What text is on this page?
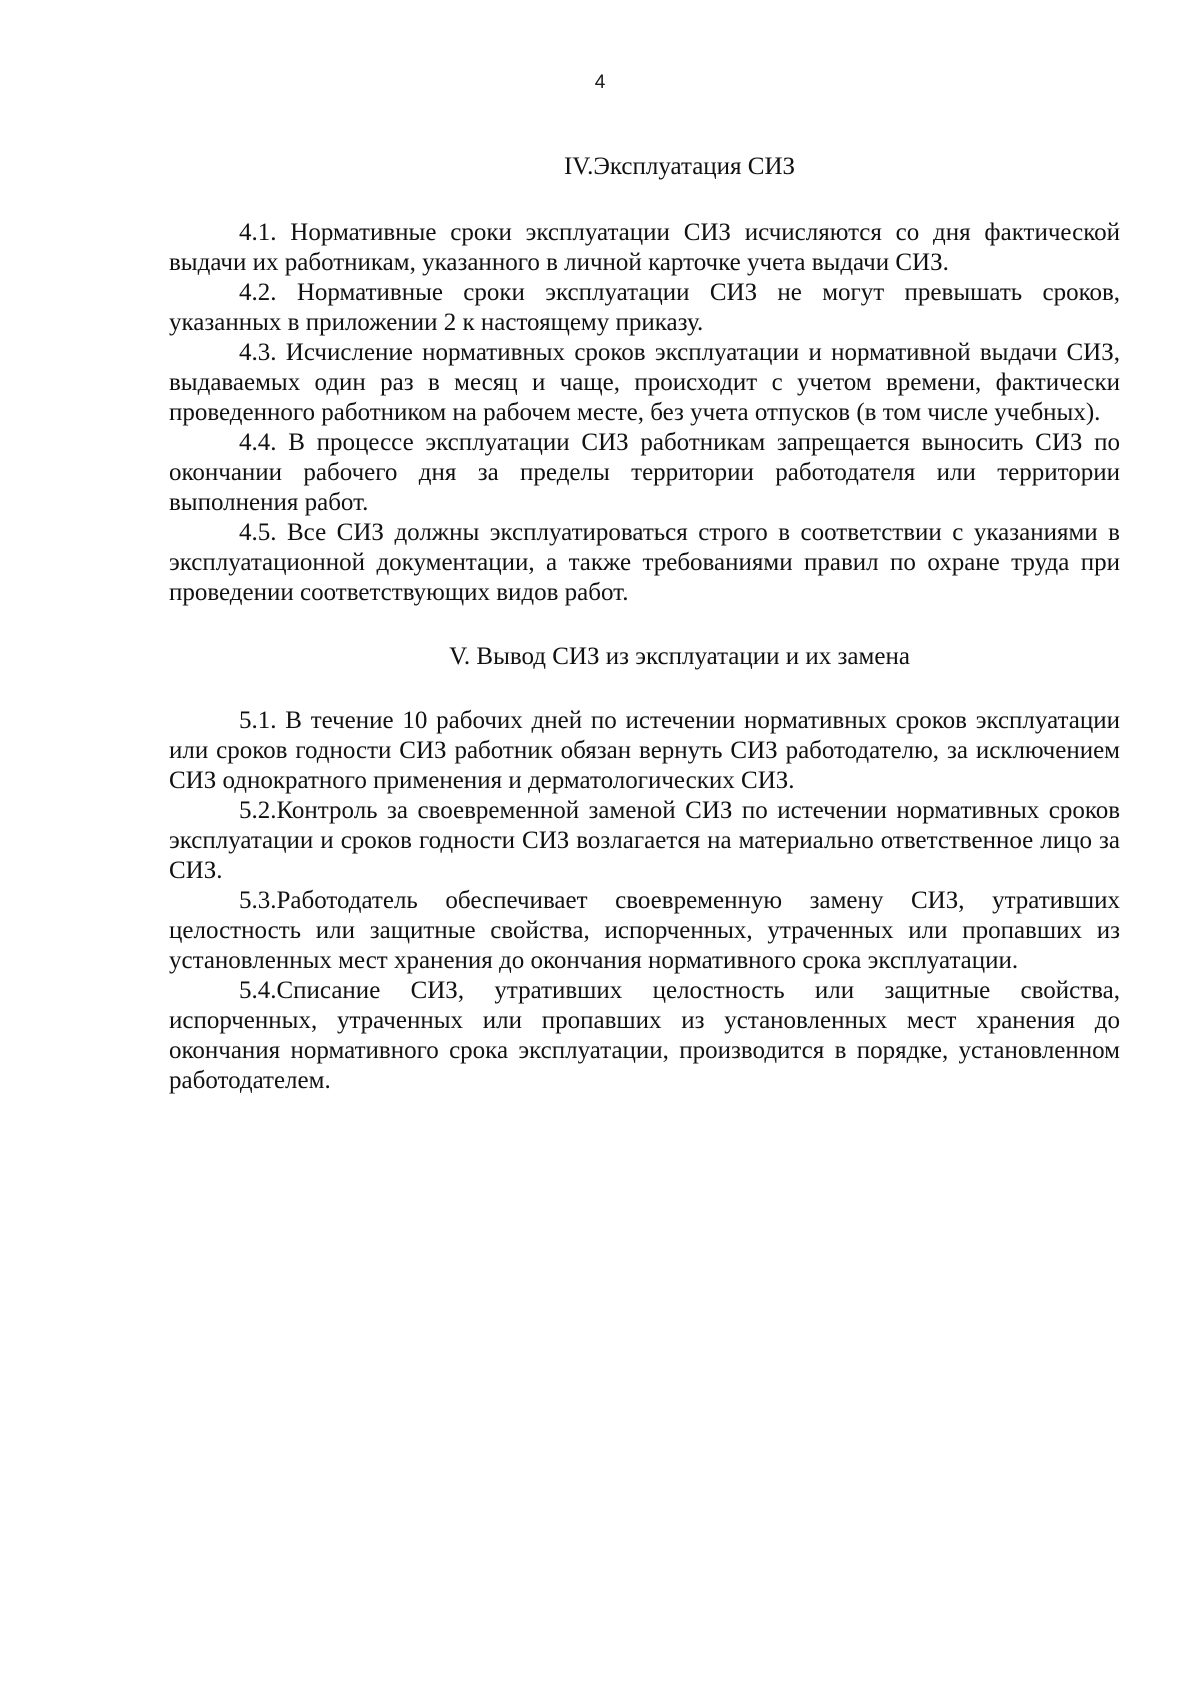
4
IV.Эксплуатация СИЗ

4.1. Нормативные сроки эксплуатации СИЗ исчисляются со дня фактической выдачи их работникам, указанного в личной карточке учета выдачи СИЗ.

4.2. Нормативные сроки эксплуатации СИЗ не могут превышать сроков, указанных в приложении 2 к настоящему приказу.

4.3. Исчисление нормативных сроков эксплуатации и нормативной выдачи СИЗ, выдаваемых один раз в месяц и чаще, происходит с учетом времени, фактически проведенного работником на рабочем месте, без учета отпусков (в том числе учебных).

4.4. В процессе эксплуатации СИЗ работникам запрещается выносить СИЗ по окончании рабочего дня за пределы территории работодателя или территории выполнения работ.

4.5. Все СИЗ должны эксплуатироваться строго в соответствии с указаниями в эксплуатационной документации, а также требованиями правил по охране труда при проведении соответствующих видов работ.

V. Вывод СИЗ из эксплуатации и их замена

5.1. В течение 10 рабочих дней по истечении нормативных сроков эксплуатации или сроков годности СИЗ работник обязан вернуть СИЗ работодателю, за исключением СИЗ однократного применения и дерматологических СИЗ.

5.2.Контроль за своевременной заменой СИЗ по истечении нормативных сроков эксплуатации и сроков годности СИЗ возлагается на материально ответственное лицо за СИЗ.

5.3.Работодатель обеспечивает своевременную замену СИЗ, утративших целостность или защитные свойства, испорченных, утраченных или пропавших из установленных мест хранения до окончания нормативного срока эксплуатации.

5.4.Списание СИЗ, утративших целостность или защитные свойства, испорченных, утраченных или пропавших из установленных мест хранения до окончания нормативного срока эксплуатации, производится в порядке, установленном работодателем.
